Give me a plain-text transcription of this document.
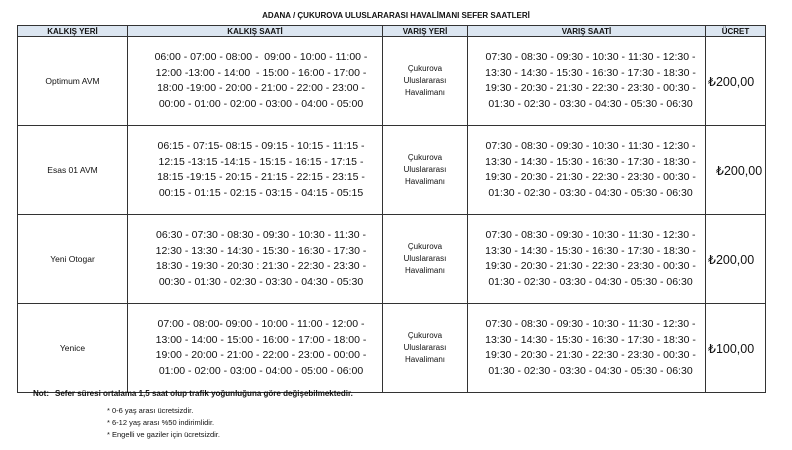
ADANA / ÇUKUROVA ULUSLARARASI HAVALİMANI SEFER SAATLERİ
KALKIŞ YERİ	KALKIŞ SAATİ	VARIŞ YERİ	VARIŞ SAATİ	ÜCRET
Optimum AVM	06:00 - 07:00 - 08:00 -  09:00 - 10:00 - 11:00 -
12:00 -13:00 - 14:00  - 15:00 - 16:00 - 17:00 -
18:00 -19:00 - 20:00 - 21:00 - 22:00 - 23:00 -
00:00 - 01:00 - 02:00 - 03:00 - 04:00 - 05:00	Çukurova
Uluslararası
Havalimanı	07:30 - 08:30 - 09:30 - 10:30 - 11:30 - 12:30 -
13:30 - 14:30 - 15:30 - 16:30 - 17:30 - 18:30 -
19:30 - 20:30 - 21:30 - 22:30 - 23:30 - 00:30 -
01:30 - 02:30 - 03:30 - 04:30 - 05:30 - 06:30	₺200,00
Esas 01 AVM	06:15 - 07:15- 08:15 - 09:15 - 10:15 - 11:15 -
12:15 -13:15 -14:15 - 15:15 - 16:15 - 17:15 -
18:15 -19:15 - 20:15 - 21:15 - 22:15 - 23:15 -
00:15 - 01:15 - 02:15 - 03:15 - 04:15 - 05:15	Çukurova
Uluslararası
Havalimanı	07:30 - 08:30 - 09:30 - 10:30 - 11:30 - 12:30 -
13:30 - 14:30 - 15:30 - 16:30 - 17:30 - 18:30 -
19:30 - 20:30 - 21:30 - 22:30 - 23:30 - 00:30 -
01:30 - 02:30 - 03:30 - 04:30 - 05:30 - 06:30	₺200,00
Yeni Otogar	06:30 - 07:30 - 08:30 - 09:30 - 10:30 - 11:30 -
12:30 - 13:30 - 14:30 - 15:30 - 16:30 - 17:30 -
18:30 - 19:30 - 20:30 : 21:30 - 22:30 - 23:30 -
00:30 - 01:30 - 02:30 - 03:30 - 04:30 - 05:30	Çukurova
Uluslararası
Havalimanı	07:30 - 08:30 - 09:30 - 10:30 - 11:30 - 12:30 -
13:30 - 14:30 - 15:30 - 16:30 - 17:30 - 18:30 -
19:30 - 20:30 - 21:30 - 22:30 - 23:30 - 00:30 -
01:30 - 02:30 - 03:30 - 04:30 - 05:30 - 06:30	₺200,00
Yenice	07:00 - 08:00- 09:00 - 10:00 - 11:00 - 12:00 -
13:00 - 14:00 - 15:00 - 16:00 - 17:00 - 18:00 -
19:00 - 20:00 - 21:00 - 22:00 - 23:00 - 00:00 -
01:00 - 02:00 - 03:00 - 04:00 - 05:00 - 06:00	Çukurova
Uluslararası
Havalimanı	07:30 - 08:30 - 09:30 - 10:30 - 11:30 - 12:30 -
13:30 - 14:30 - 15:30 - 16:30 - 17:30 - 18:30 -
19:30 - 20:30 - 21:30 - 22:30 - 23:30 - 00:30 -
01:30 - 02:30 - 03:30 - 04:30 - 05:30 - 06:30	₺100,00
Not: Sefer süresi ortalama 1,5 saat olup trafik yoğunluğuna göre değişebilmektedir.
* 0-6 yaş arası ücretsizdir.
* 6-12 yaş arası %50 indirimlidir.
* Engelli ve gaziler için ücretsizdir.
